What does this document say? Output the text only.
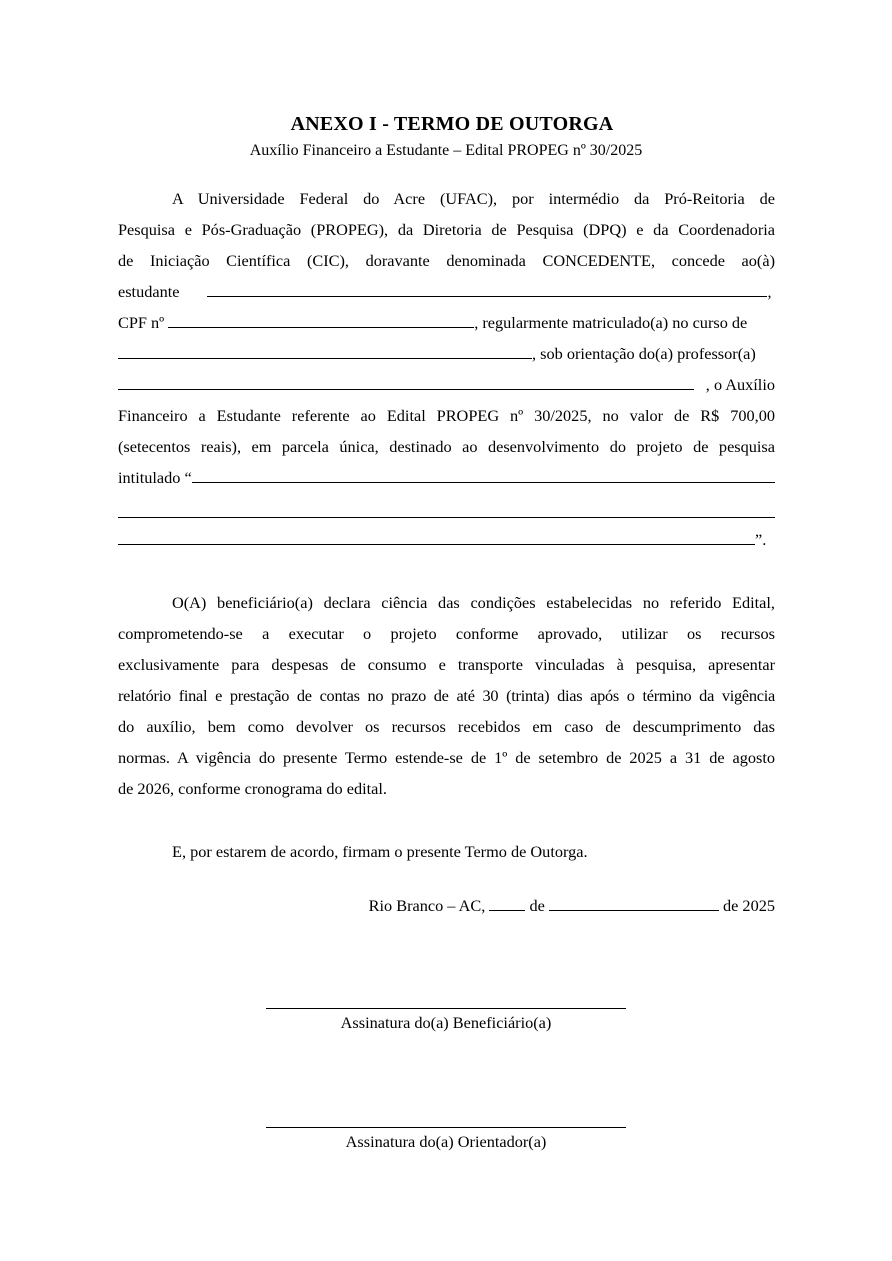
ANEXO I - TERMO DE OUTORGA
Auxílio Financeiro a Estudante – Edital PROPEG nº 30/2025
A Universidade Federal do Acre (UFAC), por intermédio da Pró-Reitoria de
Pesquisa e Pós-Graduação (PROPEG), da Diretoria de Pesquisa (DPQ) e da Coordenadoria
de Iniciação Científica (CIC), doravante denominada CONCEDENTE, concede ao(à)
estudante	,
CPF nº	, regularmente matriculado(a) no curso de
, sob orientação do(a) professor(a)
, o Auxílio
Financeiro a Estudante referente ao Edital PROPEG nº 30/2025, no valor de R$ 700,00
(setecentos reais), em parcela única, destinado ao desenvolvimento do projeto de pesquisa
intitulado “
”.
O(A) beneficiário(a) declara ciência das condições estabelecidas no referido Edital,
comprometendo-se a executar o projeto conforme aprovado, utilizar os recursos
exclusivamente para despesas de consumo e transporte vinculadas à pesquisa, apresentar
relatório final e prestação de contas no prazo de até 30 (trinta) dias após o término da vigência
do auxílio, bem como devolver os recursos recebidos em caso de descumprimento das
normas. A vigência do presente Termo estende-se de 1º de setembro de 2025 a 31 de agosto
de 2026, conforme cronograma do edital.
E, por estarem de acordo, firmam o presente Termo de Outorga.
Rio Branco – AC,	de	de 2025
Assinatura do(a) Beneficiário(a)
Assinatura do(a) Orientador(a)
